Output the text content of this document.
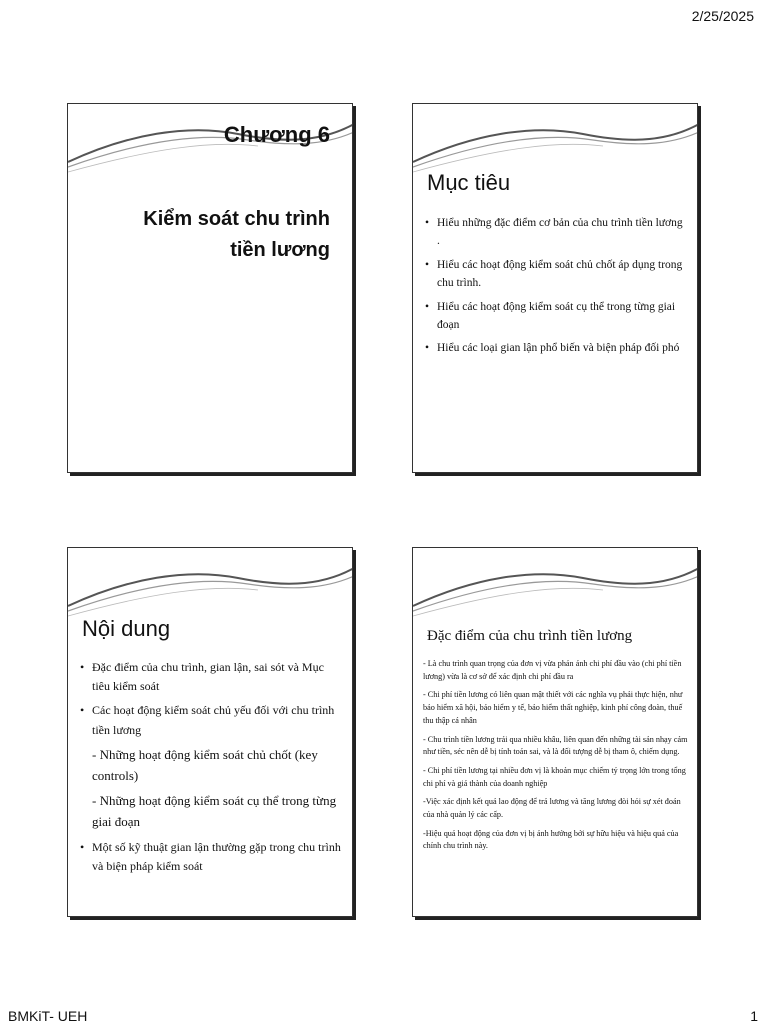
2/25/2025
Chương 6
Kiểm soát chu trình
tiền lương
Mục tiêu
• Hiểu những đặc điểm cơ bản của chu trình tiền lương .
• Hiểu các hoạt động kiểm soát chủ chốt áp dụng trong chu trình.
• Hiểu các hoạt động kiểm soát cụ thể trong từng giai đoạn
• Hiểu các loại gian lận phổ biến và biện pháp đối phó
Nội dung
• Đặc điểm của chu trình, gian lận, sai sót và Mục tiêu kiểm soát
• Các hoạt động kiểm soát chủ yếu đối với chu trình tiền lương
- Những hoạt động kiểm soát chủ chốt (key controls)
- Những hoạt động kiểm soát cụ thể trong từng giai đoạn
• Một số kỹ thuật gian lận thường gặp trong chu trình và biện pháp kiểm soát
Đặc điểm của chu trình tiền lương

- Là chu trình quan trọng của đơn vị vừa phản ánh chi phí đầu vào (chi phí tiền lương) vừa là cơ sở để xác định chi phí đầu ra

- Chi phí tiền lương có liên quan mật thiết với các nghĩa vụ phải thực hiện, như bảo hiểm xã hội, bảo hiểm y tế, bảo hiểm thất nghiệp, kinh phí công đoàn, thuế thu thập cá nhân

- Chu trình tiền lương trải qua nhiều khâu, liên quan đến những tài sản nhạy cảm như tiền, séc nên dễ bị tính toán sai, và là đối tượng dễ bị tham ô, chiếm dụng.

- Chi phí tiền lương tại nhiều đơn vị là khoản mục chiếm tỷ trọng lớn trong tổng chi phí và giá thành của doanh nghiệp

-Việc xác định kết quả lao động để trả lương và tăng lương đòi hỏi sự xét đoán của nhà quản lý các cấp.

-Hiệu quả hoạt động của đơn vị bị ảnh hưởng bởi sự hữu hiệu và hiệu quả của chính chu trình này.

BMKiT- UEH	1
